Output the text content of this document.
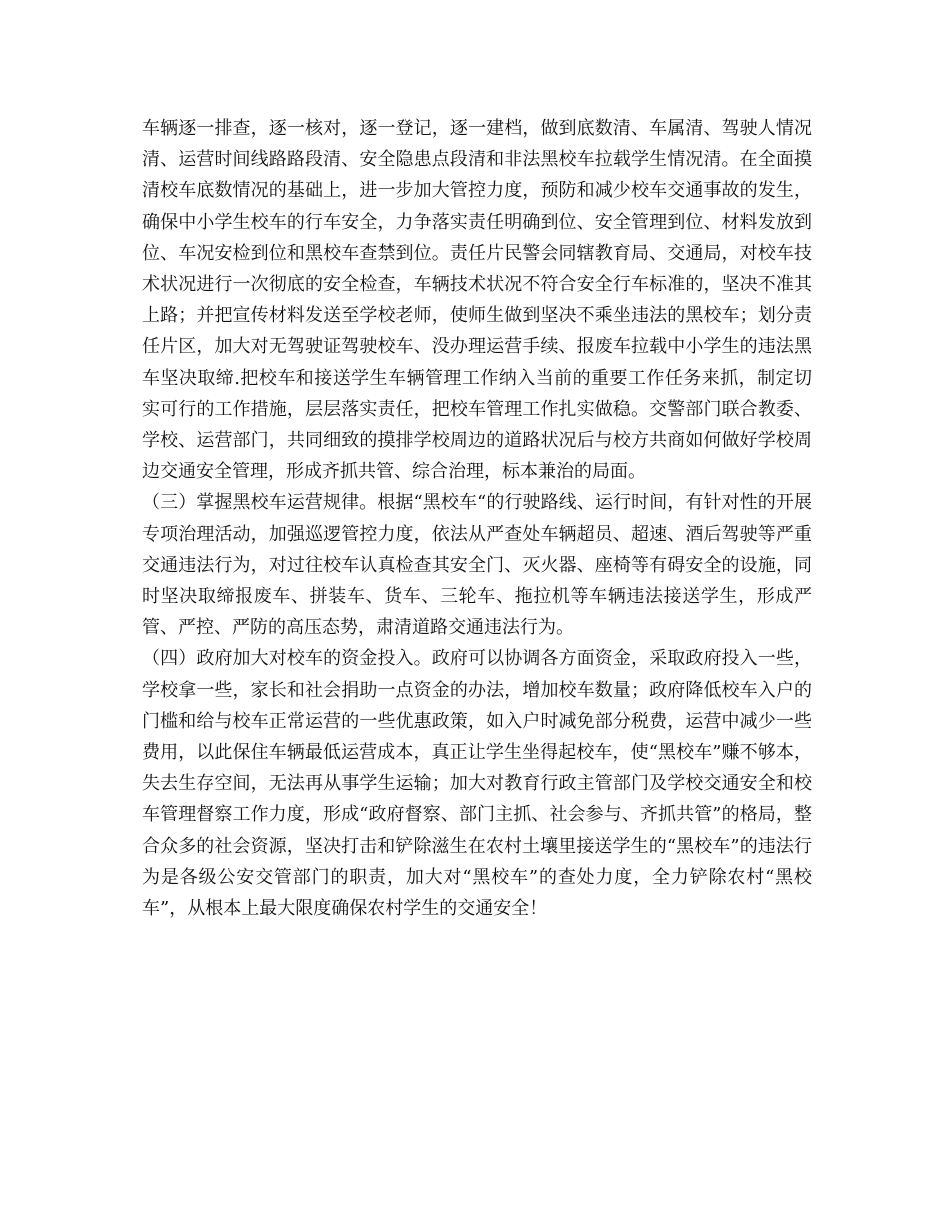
车辆逐一排查，逐一核对，逐一登记，逐一建档，做到底数清、车属清、驾驶人情况清、运营时间线路路段清、安全隐患点段清和非法黑校车拉载学生情况清。在全面摸清校车底数情况的基础上，进一步加大管控力度，预防和减少校车交通事故的发生，确保中小学生校车的行车安全，力争落实责任明确到位、安全管理到位、材料发放到位、车况安检到位和黑校车查禁到位。责任片民警会同辖教育局、交通局，对校车技术状况进行一次彻底的安全检查，车辆技术状况不符合安全行车标准的，坚决不准其上路；并把宣传材料发送至学校老师，使师生做到坚决不乘坐违法的黑校车；划分责任片区，加大对无驾驶证驾驶校车、没办理运营手续、报废车拉载中小学生的违法黑车坚决取缔.把校车和接送学生车辆管理工作纳入当前的重要工作任务来抓，制定切实可行的工作措施，层层落实责任，把校车管理工作扎实做稳。交警部门联合教委、学校、运营部门，共同细致的摸排学校周边的道路状况后与校方共商如何做好学校周边交通安全管理，形成齐抓共管、综合治理，标本兼治的局面。

（三）掌握黑校车运营规律。根据“黑校车“的行驶路线、运行时间，有针对性的开展专项治理活动，加强巡逻管控力度，依法从严查处车辆超员、超速、酒后驾驶等严重交通违法行为，对过往校车认真检查其安全门、灭火器、座椅等有碍安全的设施，同时坚决取缔报废车、拼装车、货车、三轮车、拖拉机等车辆违法接送学生，形成严管、严控、严防的高压态势，肃清道路交通违法行为。

（四）政府加大对校车的资金投入。政府可以协调各方面资金，采取政府投入一些，学校拿一些，家长和社会捐助一点资金的办法，增加校车数量；政府降低校车入户的门槛和给与校车正常运营的一些优惠政策，如入户时减免部分税费，运营中减少一些费用，以此保住车辆最低运营成本，真正让学生坐得起校车，使“黑校车”赚不够本，失去生存空间，无法再从事学生运输；加大对教育行政主管部门及学校交通安全和校车管理督察工作力度，形成“政府督察、部门主抓、社会参与、齐抓共管”的格局，整合众多的社会资源，坚决打击和铲除滋生在农村土壤里接送学生的“黑校车”的违法行为是各级公安交管部门的职责，加大对“黑校车”的查处力度，全力铲除农村“黑校车”，从根本上最大限度确保农村学生的交通安全！
